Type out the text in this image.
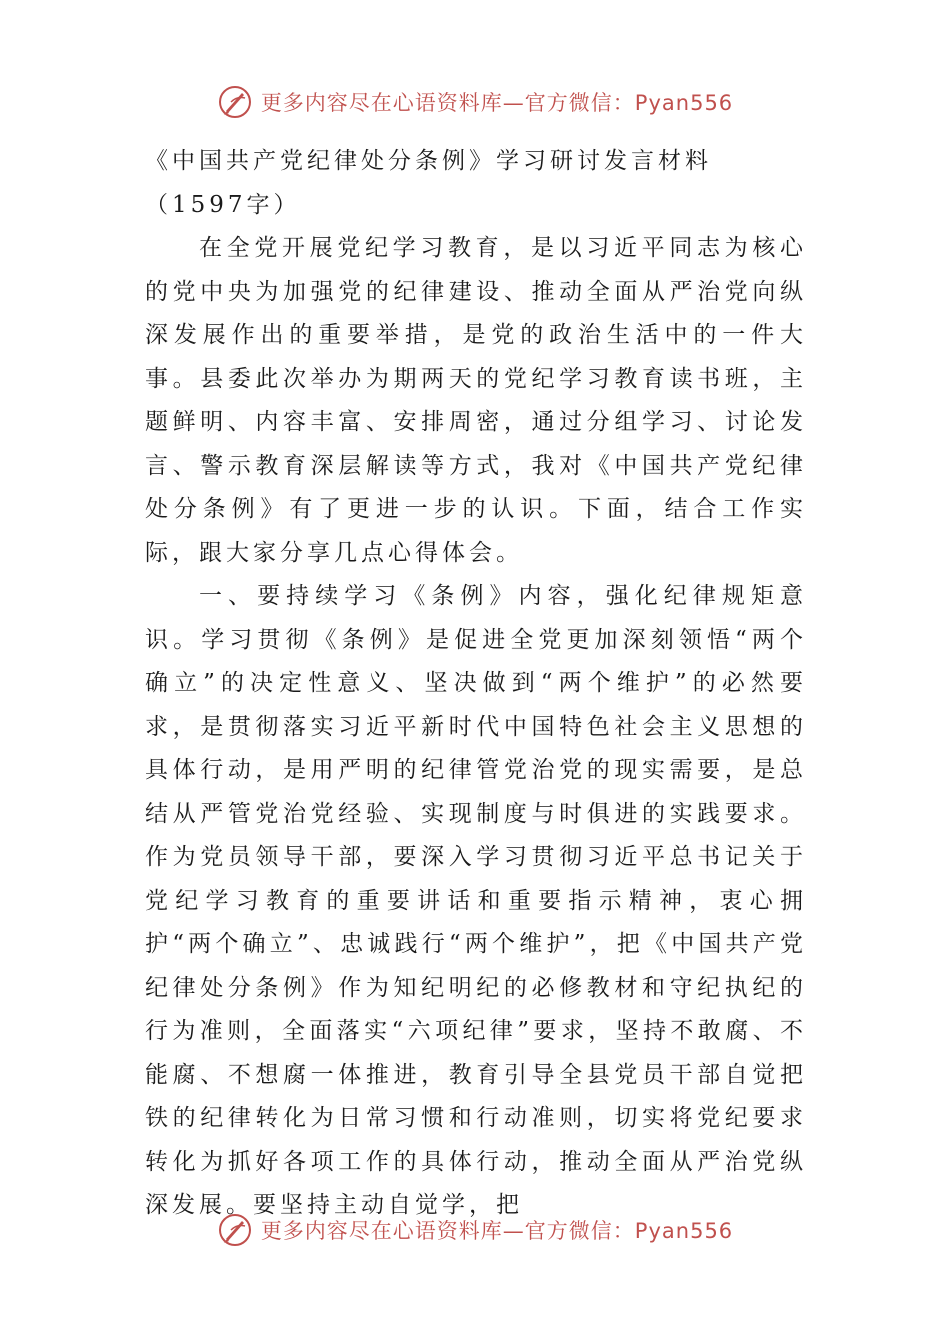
更多内容尽在心语资料库—官方微信：Pyan556
《中国共产党纪律处分条例》学习研讨发言材料（1597字）

在全党开展党纪学习教育，是以习近平同志为核心的党中央为加强党的纪律建设、推动全面从严治党向纵深发展作出的重要举措，是党的政治生活中的一件大事。县委此次举办为期两天的党纪学习教育读书班，主题鲜明、内容丰富、安排周密，通过分组学习、讨论发言、警示教育深层解读等方式，我对《中国共产党纪律处分条例》有了更进一步的认识。下面，结合工作实际，跟大家分享几点心得体会。

一、要持续学习《条例》内容，强化纪律规矩意识。学习贯彻《条例》是促进全党更加深刻领悟“两个确立”的决定性意义、坚决做到“两个维护”的必然要求，是贯彻落实习近平新时代中国特色社会主义思想的具体行动，是用严明的纪律管党治党的现实需要，是总结从严管党治党经验、实现制度与时俱进的实践要求。作为党员领导干部，要深入学习贯彻习近平总书记关于党纪学习教育的重要讲话和重要指示精神，衷心拥护“两个确立”、忠诚践行“两个维护”，把《中国共产党纪律处分条例》作为知纪明纪的必修教材和守纪执纪的行为准则，全面落实“六项纪律”要求，坚持不敢腐、不能腐、不想腐一体推进，教育引导全县党员干部自觉把铁的纪律转化为日常习惯和行动准则，切实将党纪要求转化为抓好各项工作的具体行动，推动全面从严治党纵深发展。要坚持主动自觉学，把

更多内容尽在心语资料库—官方微信：Pyan556
